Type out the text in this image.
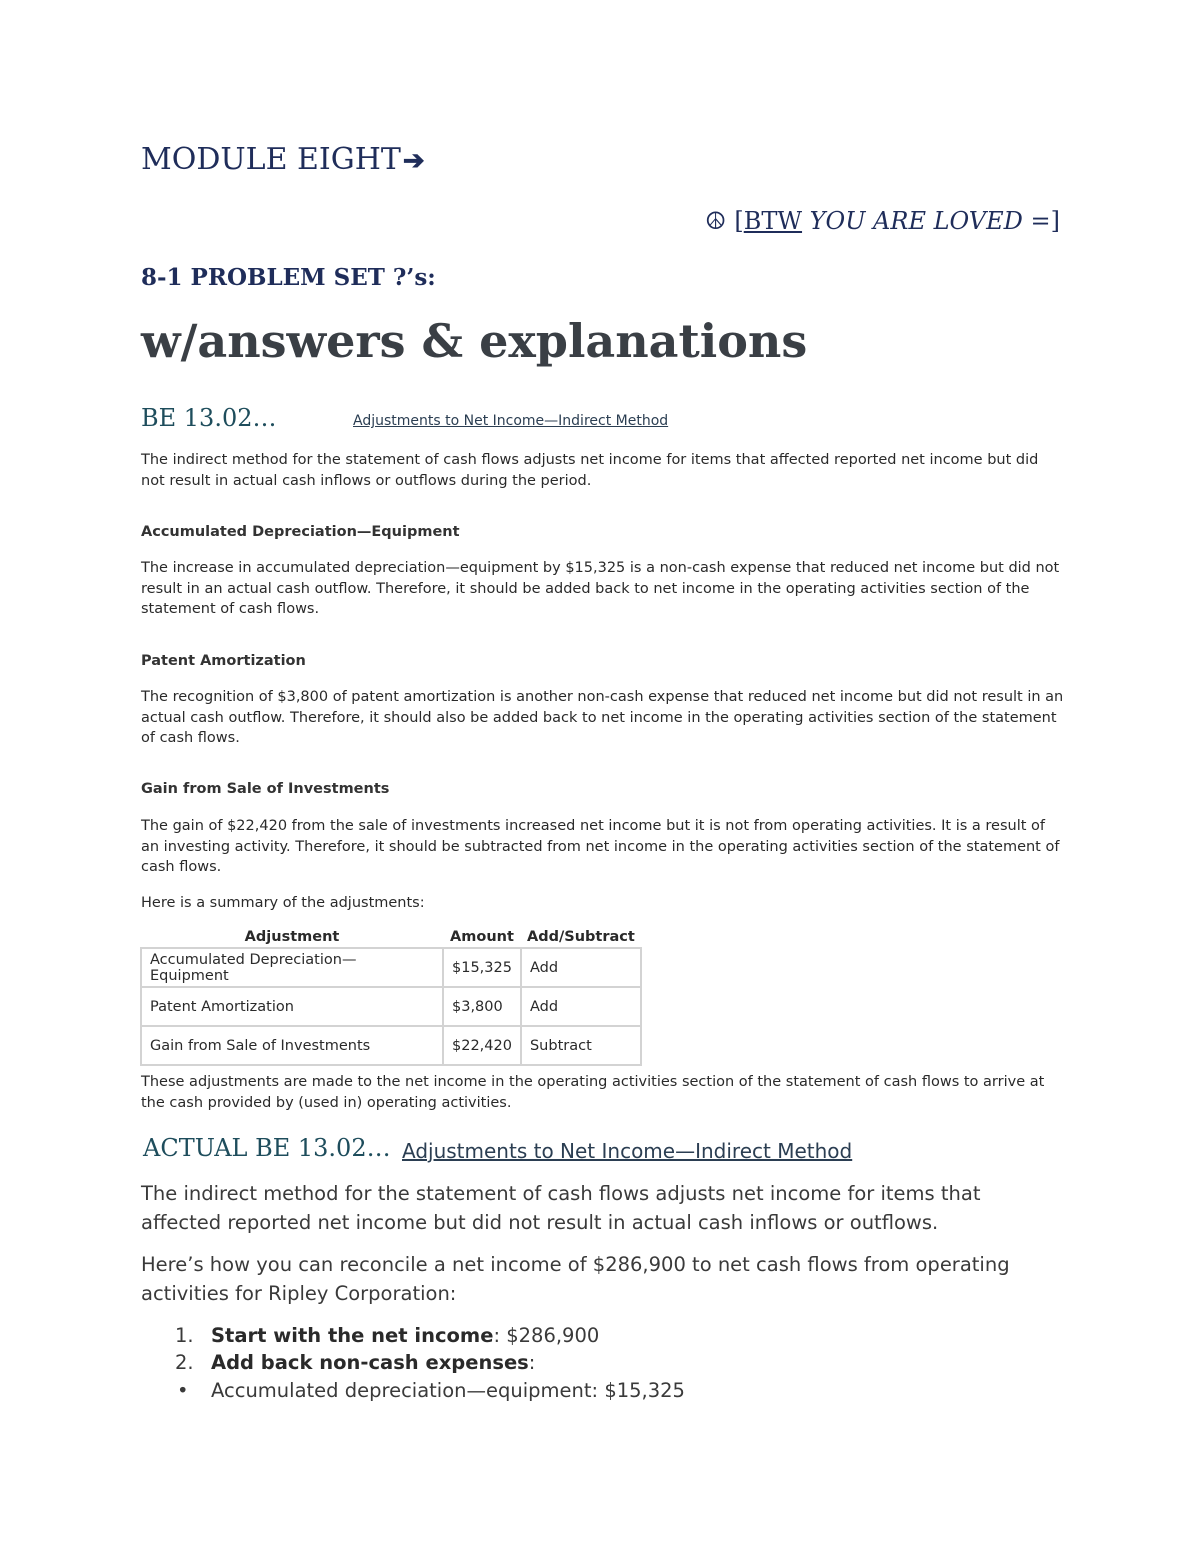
MODULE EIGHT➔
☮ [BTW YOU ARE LOVED =]
8-1 PROBLEM SET ?’s:
w/answers & explanations
BE 13.02…	Adjustments to Net Income—Indirect Method
The indirect method for the statement of cash flows adjusts net income for items that affected reported net income but did not result in actual cash inflows or outflows during the period.
Accumulated Depreciation—Equipment
The increase in accumulated depreciation—equipment by $15,325 is a non-cash expense that reduced net income but did not result in an actual cash outflow. Therefore, it should be added back to net income in the operating activities section of the statement of cash flows.
Patent Amortization
The recognition of $3,800 of patent amortization is another non-cash expense that reduced net income but did not result in an actual cash outflow. Therefore, it should also be added back to net income in the operating activities section of the statement of cash flows.
Gain from Sale of Investments
The gain of $22,420 from the sale of investments increased net income but it is not from operating activities. It is a result of an investing activity. Therefore, it should be subtracted from net income in the operating activities section of the statement of cash flows.
Here is a summary of the adjustments:
Adjustment	Amount	Add/Subtract
Accumulated Depreciation—Equipment	$15,325	Add
Patent Amortization	$3,800	Add
Gain from Sale of Investments	$22,420	Subtract
These adjustments are made to the net income in the operating activities section of the statement of cash flows to arrive at the cash provided by (used in) operating activities.
ACTUAL BE 13.02… Adjustments to Net Income—Indirect Method
The indirect method for the statement of cash flows adjusts net income for items that affected reported net income but did not result in actual cash inflows or outflows.
Here’s how you can reconcile a net income of $286,900 to net cash flows from operating activities for Ripley Corporation:
1. Start with the net income: $286,900
2. Add back non-cash expenses:
• Accumulated depreciation—equipment: $15,325
